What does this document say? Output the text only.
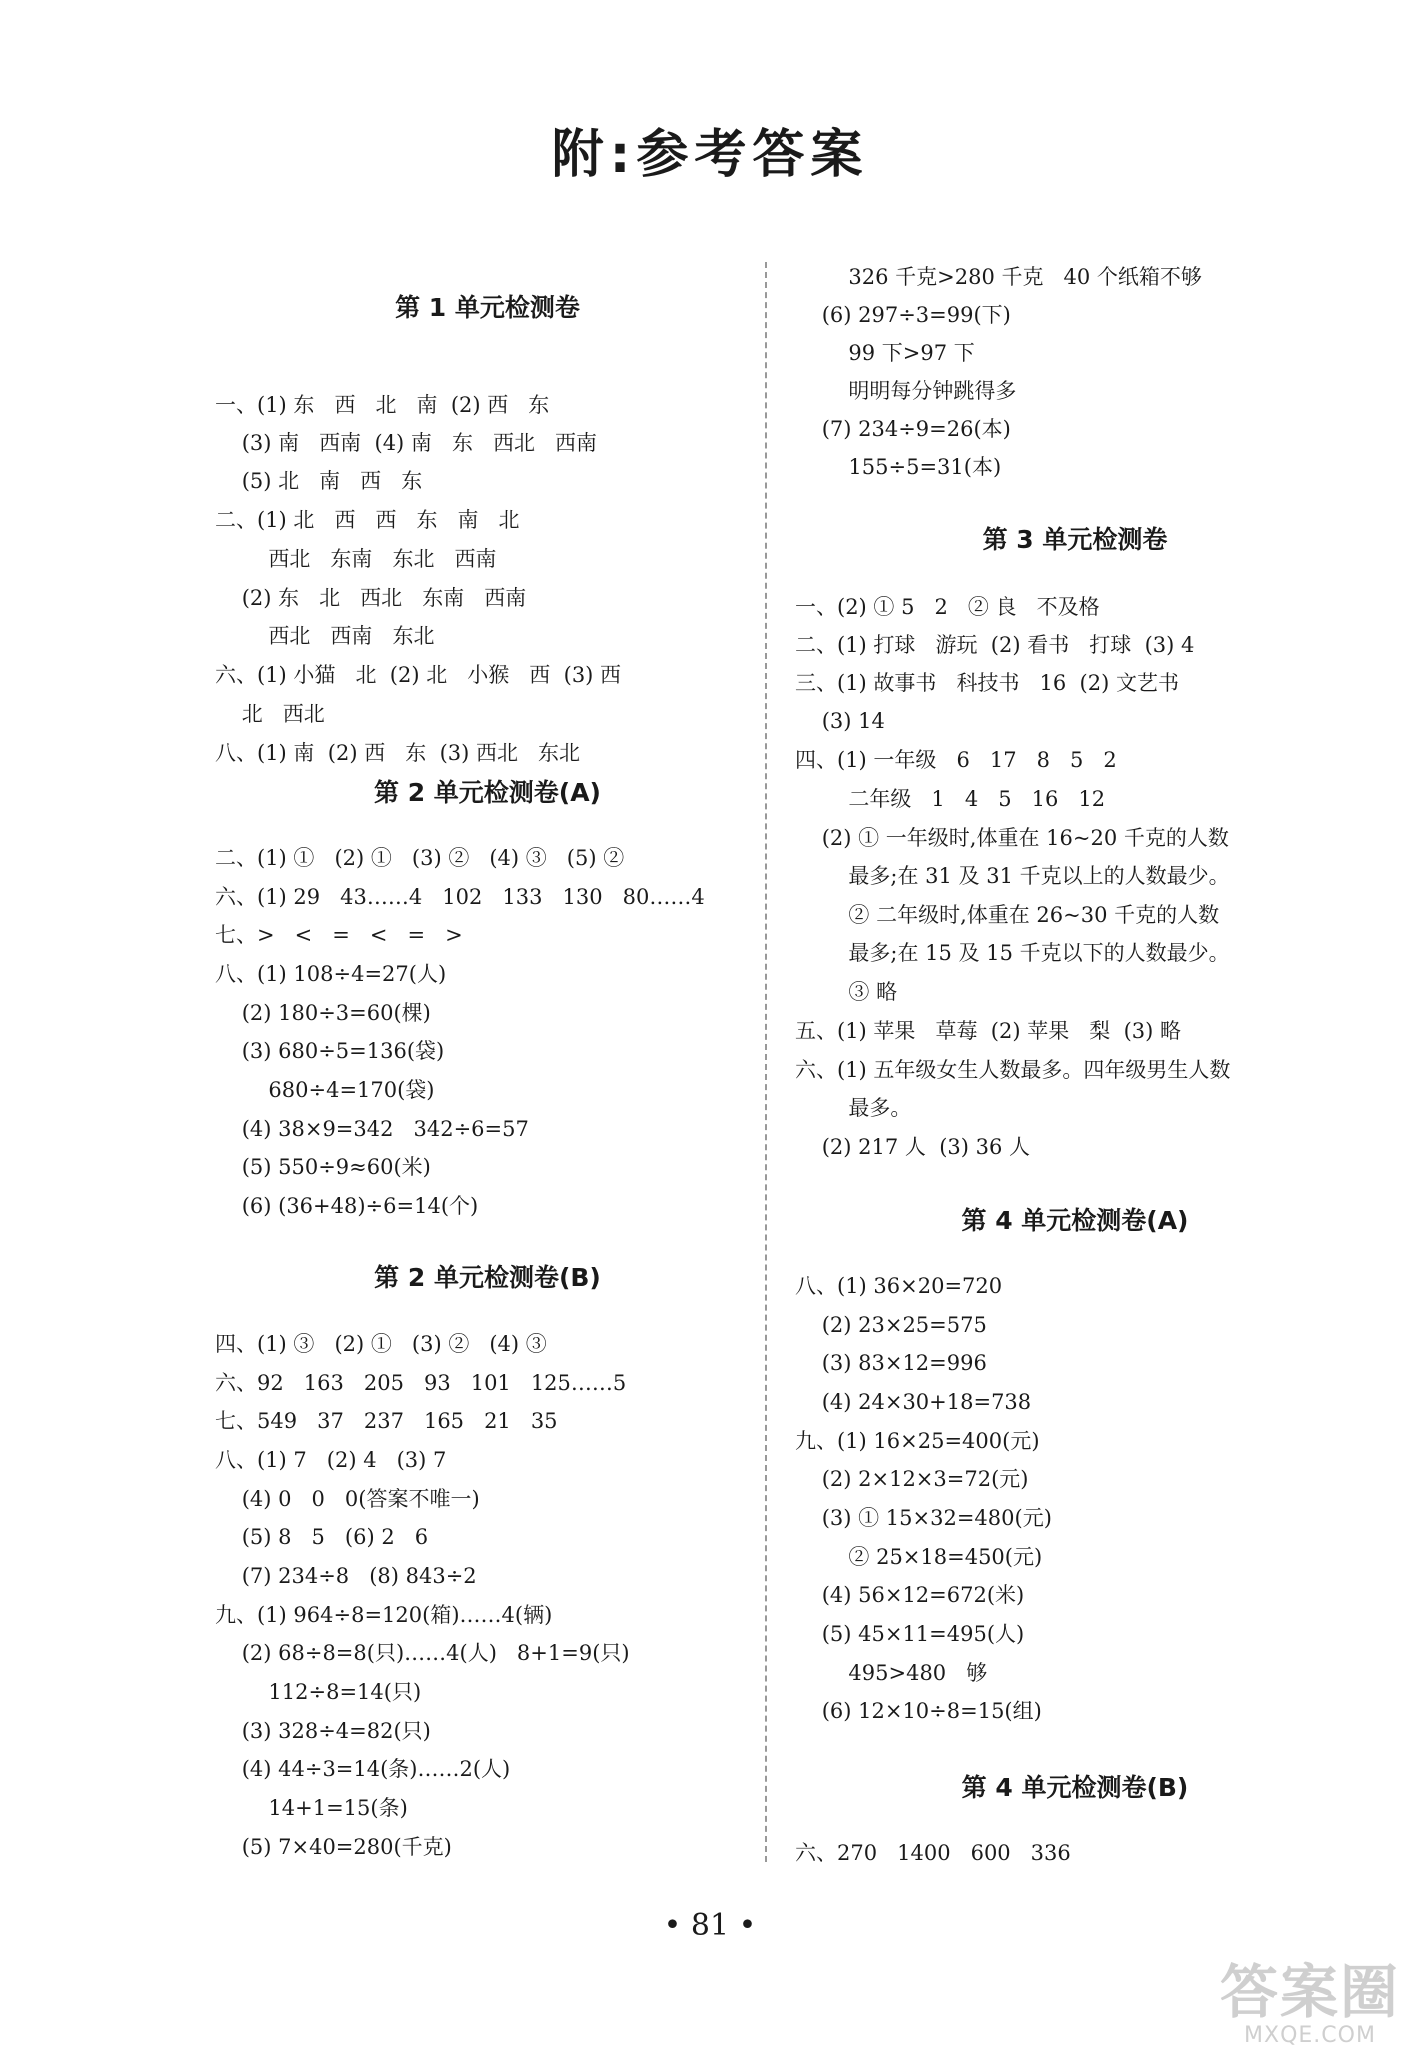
附:参考答案
第 1 单元检测卷
一、(1) 东   西   北   南  (2) 西   东
(3) 南   西南  (4) 南   东   西北   西南
(5) 北   南   西   东
二、(1) 北   西   西   东   南   北
西北   东南   东北   西南
(2) 东   北   西北   东南   西南
西北   西南   东北
六、(1) 小猫   北  (2) 北   小猴   西  (3) 西
北   西北
八、(1) 南  (2) 西   东  (3) 西北   东北
第 2 单元检测卷(A)
二、(1) ①   (2) ①   (3) ②   (4) ③   (5) ②
六、(1) 29   43……4   102   133   130   80……4
七、>   <   =   <   =   >
八、(1) 108÷4=27(人)
(2) 180÷3=60(棵)
(3) 680÷5=136(袋)
680÷4=170(袋)
(4) 38×9=342   342÷6=57
(5) 550÷9≈60(米)
(6) (36+48)÷6=14(个)
第 2 单元检测卷(B)
四、(1) ③   (2) ①   (3) ②   (4) ③
六、92   163   205   93   101   125……5
七、549   37   237   165   21   35
八、(1) 7   (2) 4   (3) 7
(4) 0   0   0(答案不唯一)
(5) 8   5   (6) 2   6
(7) 234÷8   (8) 843÷2
九、(1) 964÷8=120(箱)……4(辆)
(2) 68÷8=8(只)……4(人)   8+1=9(只)
112÷8=14(只)
(3) 328÷4=82(只)
(4) 44÷3=14(条)……2(人)
14+1=15(条)
(5) 7×40=280(千克)
326 千克>280 千克   40 个纸箱不够
(6) 297÷3=99(下)
99 下>97 下
明明每分钟跳得多
(7) 234÷9=26(本)
155÷5=31(本)
第 3 单元检测卷
一、(2) ① 5   2   ② 良   不及格
二、(1) 打球   游玩  (2) 看书   打球  (3) 4
三、(1) 故事书   科技书   16  (2) 文艺书
(3) 14
四、(1) 一年级   6   17   8   5   2
二年级   1   4   5   16   12
(2) ① 一年级时,体重在 16~20 千克的人数
最多;在 31 及 31 千克以上的人数最少。
② 二年级时,体重在 26~30 千克的人数
最多;在 15 及 15 千克以下的人数最少。
③ 略
五、(1) 苹果   草莓  (2) 苹果   梨  (3) 略
六、(1) 五年级女生人数最多。四年级男生人数
最多。
(2) 217 人  (3) 36 人
第 4 单元检测卷(A)
八、(1) 36×20=720
(2) 23×25=575
(3) 83×12=996
(4) 24×30+18=738
九、(1) 16×25=400(元)
(2) 2×12×3=72(元)
(3) ① 15×32=480(元)
② 25×18=450(元)
(4) 56×12=672(米)
(5) 45×11=495(人)
495>480   够
(6) 12×10÷8=15(组)
第 4 单元检测卷(B)
六、270   1400   600   336
• 81 •
答案圈
MXQE.COM
